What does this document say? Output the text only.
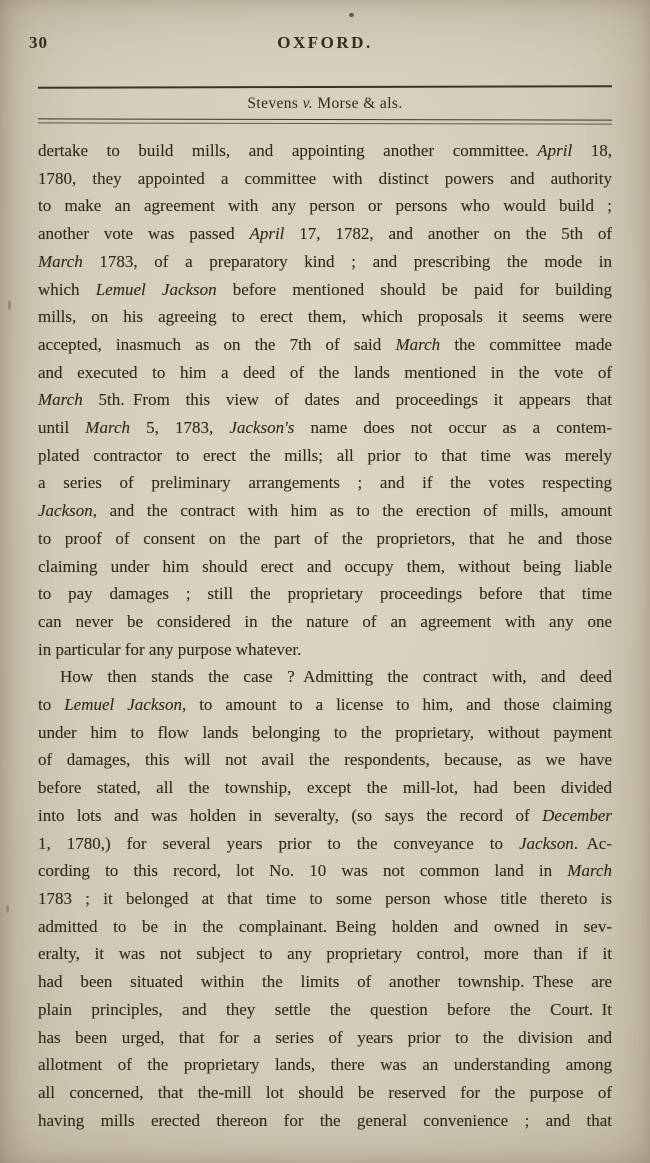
30	OXFORD.
Stevens v. Morse & als.
dertake to build mills, and appointing another committee. April 18,
1780, they appointed a committee with distinct powers and authority
to make an agreement with any person or persons who would build ;
another vote was passed April 17, 1782, and another on the 5th of
March 1783, of a preparatory kind ; and prescribing the mode in
which Lemuel Jackson before mentioned should be paid for building
mills, on his agreeing to erect them, which proposals it seems were
accepted, inasmuch as on the 7th of said March the committee made
and executed to him a deed of the lands mentioned in the vote of
March 5th. From this view of dates and proceedings it appears that
until March 5, 1783, Jackson's name does not occur as a contem-
plated contractor to erect the mills; all prior to that time was merely
a series of preliminary arrangements ; and if the votes respecting
Jackson, and the contract with him as to the erection of mills, amount
to proof of consent on the part of the proprietors, that he and those
claiming under him should erect and occupy them, without being liable
to pay damages ; still the proprietary proceedings before that time
can never be considered in the nature of an agreement with any one
in particular for any purpose whatever.
How then stands the case ? Admitting the contract with, and deed
to Lemuel Jackson, to amount to a license to him, and those claiming
under him to flow lands belonging to the proprietary, without payment
of damages, this will not avail the respondents, because, as we have
before stated, all the township, except the mill-lot, had been divided
into lots and was holden in severalty, (so says the record of December
1, 1780,) for several years prior to the conveyance to Jackson. Ac-
cording to this record, lot No. 10 was not common land in March
1783 ; it belonged at that time to some person whose title thereto is
admitted to be in the complainant. Being holden and owned in sev-
eralty, it was not subject to any proprietary control, more than if it
had been situated within the limits of another township. These are
plain principles, and they settle the question before the Court. It
has been urged, that for a series of years prior to the division and
allotment of the proprietary lands, there was an understanding among
all concerned, that the-mill lot should be reserved for the purpose of
having mills erected thereon for the general convenience ; and that
